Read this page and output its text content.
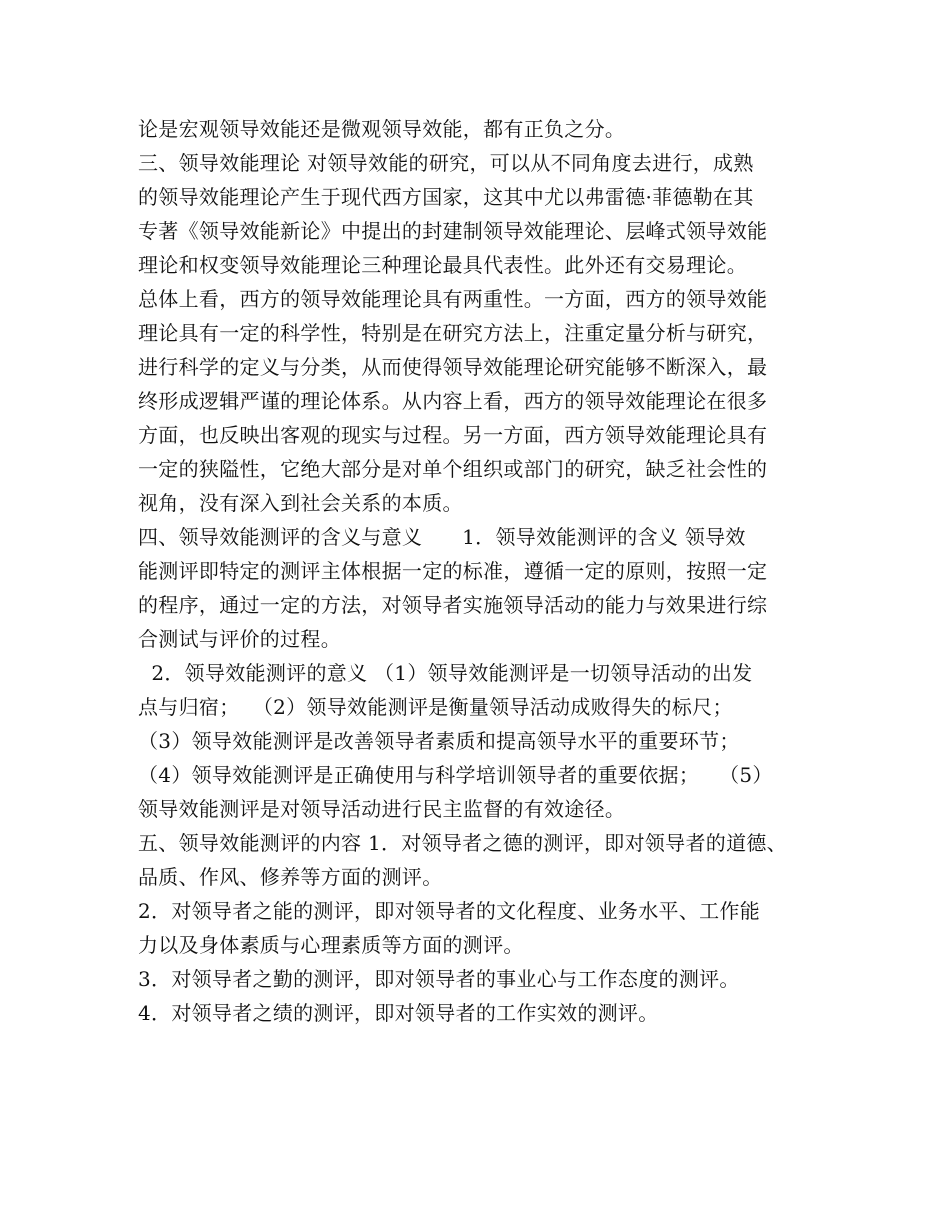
论是宏观领导效能还是微观领导效能，都有正负之分。
三、领导效能理论 对领导效能的研究，可以从不同角度去进行，成熟
的领导效能理论产生于现代西方国家，这其中尤以弗雷德·菲德勒在其
专著《领导效能新论》中提出的封建制领导效能理论、层峰式领导效能
理论和权变领导效能理论三种理论最具代表性。此外还有交易理论。
总体上看，西方的领导效能理论具有两重性。一方面，西方的领导效能
理论具有一定的科学性，特别是在研究方法上，注重定量分析与研究，
进行科学的定义与分类，从而使得领导效能理论研究能够不断深入，最
终形成逻辑严谨的理论体系。从内容上看，西方的领导效能理论在很多
方面，也反映出客观的现实与过程。另一方面，西方领导效能理论具有
一定的狭隘性，它绝大部分是对单个组织或部门的研究，缺乏社会性的
视角，没有深入到社会关系的本质。
四、领导效能测评的含义与意义      1．领导效能测评的含义 领导效
能测评即特定的测评主体根据一定的标准，遵循一定的原则，按照一定
的程序，通过一定的方法，对领导者实施领导活动的能力与效果进行综
合测试与评价的过程。
2．领导效能测评的意义 （1）领导效能测评是一切领导活动的出发
点与归宿；  （2）领导效能测评是衡量领导活动成败得失的标尺；
（3）领导效能测评是改善领导者素质和提高领导水平的重要环节；
（4）领导效能测评是正确使用与科学培训领导者的重要依据；   （5）
领导效能测评是对领导活动进行民主监督的有效途径。
五、领导效能测评的内容 1．对领导者之德的测评，即对领导者的道德、
品质、作风、修养等方面的测评。
2．对领导者之能的测评，即对领导者的文化程度、业务水平、工作能
力以及身体素质与心理素质等方面的测评。
3．对领导者之勤的测评，即对领导者的事业心与工作态度的测评。
4．对领导者之绩的测评，即对领导者的工作实效的测评。
